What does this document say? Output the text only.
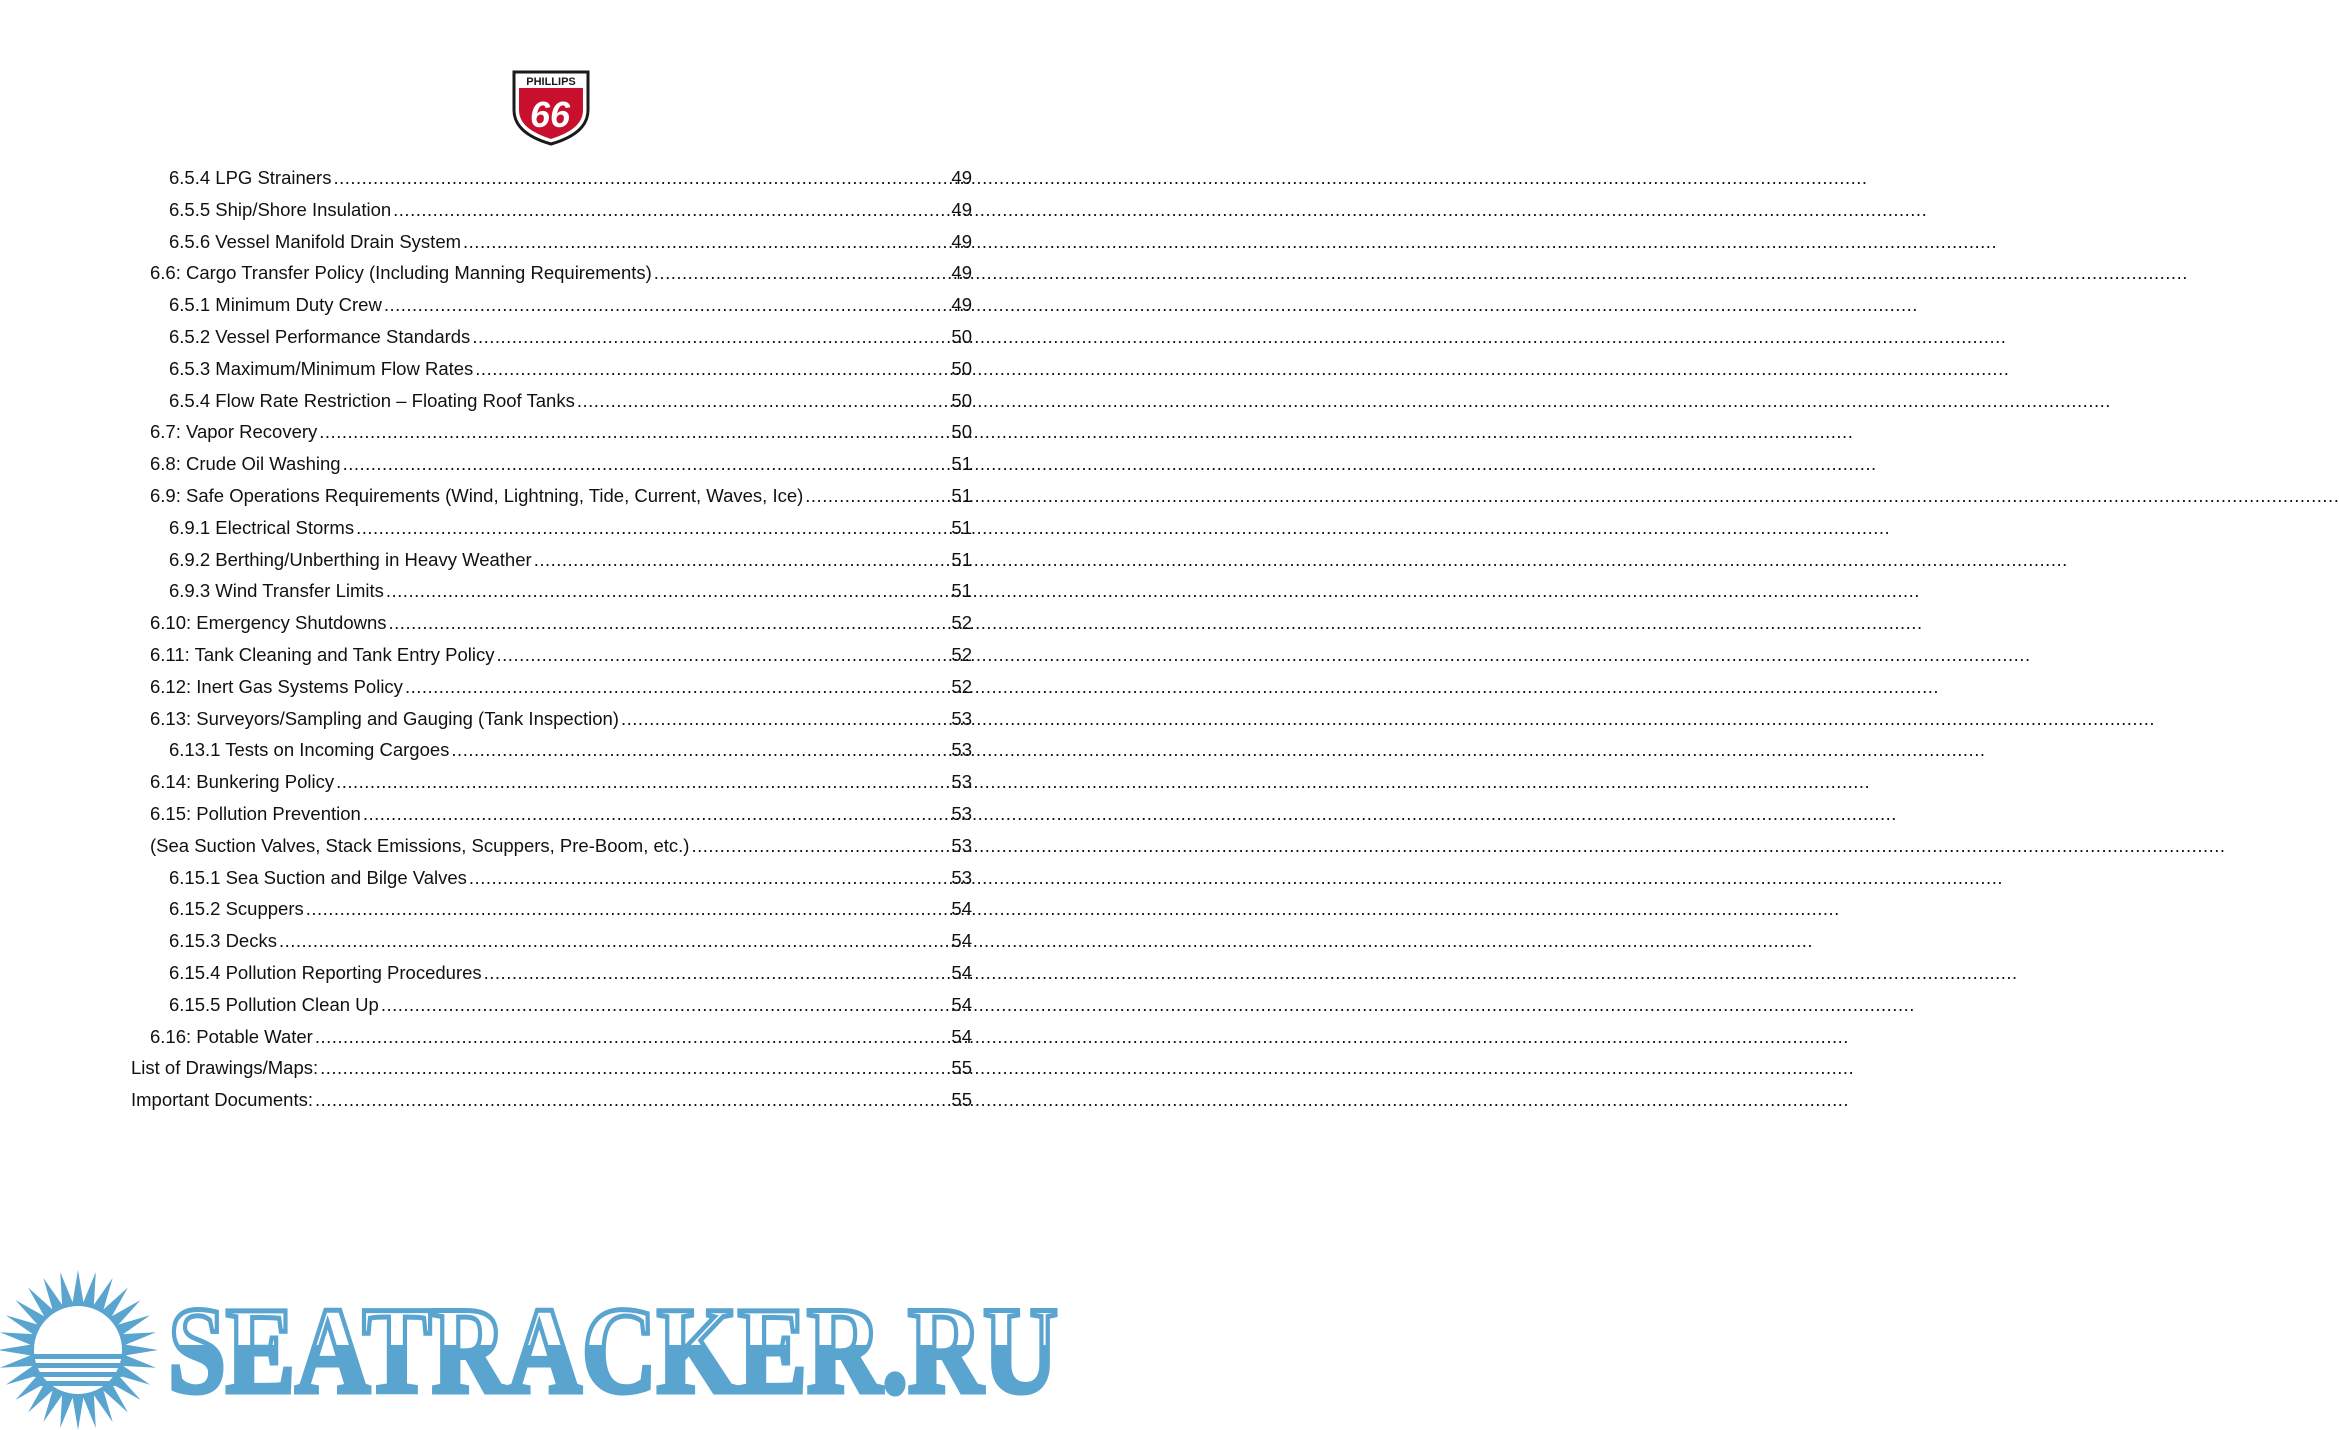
PHILLIPS
66
6.5.4 LPG Strainers .....	49
6.5.5 Ship/Shore Insulation .....	49
6.5.6 Vessel Manifold Drain System .....	49
6.6: Cargo Transfer Policy (Including Manning Requirements) .....	49
6.5.1 Minimum Duty Crew .....	49
6.5.2 Vessel Performance Standards .....	50
6.5.3 Maximum/Minimum Flow Rates .....	50
6.5.4 Flow Rate Restriction – Floating Roof Tanks .....	50
6.7: Vapor Recovery .....	50
6.8: Crude Oil Washing .....	51
6.9: Safe Operations Requirements (Wind, Lightning, Tide, Current, Waves, Ice) .....	51
6.9.1 Electrical Storms .....	51
6.9.2 Berthing/Unberthing in Heavy Weather .....	51
6.9.3 Wind Transfer Limits .....	51
6.10: Emergency Shutdowns .....	52
6.11: Tank Cleaning and Tank Entry Policy .....	52
6.12: Inert Gas Systems Policy .....	52
6.13: Surveyors/Sampling and Gauging (Tank Inspection) .....	53
6.13.1 Tests on Incoming Cargoes .....	53
6.14: Bunkering Policy .....	53
6.15: Pollution Prevention .....	53
(Sea Suction Valves, Stack Emissions, Scuppers, Pre-Boom, etc.) .....	53
6.15.1 Sea Suction and Bilge Valves .....	53
6.15.2 Scuppers .....	54
6.15.3 Decks .....	54
6.15.4 Pollution Reporting Procedures .....	54
6.15.5 Pollution Clean Up .....	54
6.16: Potable Water .....	54
List of Drawings/Maps: .....	55
Important Documents: .....	55
SEATRACKER.RU
